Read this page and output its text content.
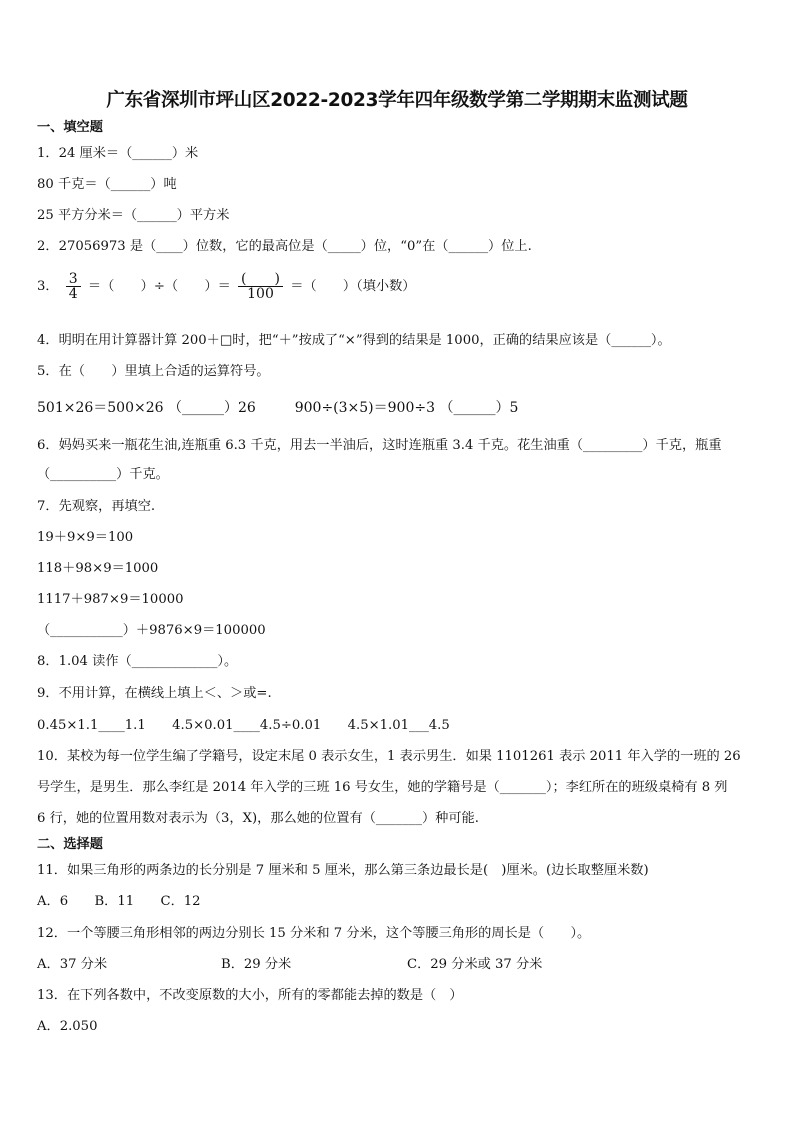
广东省深圳市坪山区2022-2023学年四年级数学第二学期期末监测试题
一、填空题
1．24 厘米＝（______）米
80 千克＝（______）吨
25 平方分米＝（______）平方米
2．27056973 是（____）位数，它的最高位是（_____）位，“0”在（______）位上.
3． $\frac{3}{4}$ ＝（　　）÷（　　）＝ $\frac{( )}{100}$ ＝（　　）（填小数）
4．明明在用计算器计算 200＋□时，把“＋”按成了“×”得到的结果是 1000，正确的结果应该是（______）。
5．在（　　）里填上合适的运算符号。
501×26＝500×26 （______）26	900÷(3×5)＝900÷3 （______）5
6．妈妈买来一瓶花生油,连瓶重 6.3 千克，用去一半油后，这时连瓶重 3.4 千克。花生油重（_________）千克，瓶重
（__________）千克。
7．先观察，再填空.
19＋9×9＝100
118＋98×9＝1000
1117＋987×9＝10000
（___________）＋9876×9＝100000
8．1.04 读作（_____________）。
9．不用计算，在横线上填上＜、＞或=.
0.45×1.1____1.1　　4.5×0.01____4.5÷0.01　　4.5×1.01___4.5
10．某校为每一位学生编了学籍号，设定末尾 0 表示女生，1 表示男生．如果 1101261 表示 2011 年入学的一班的 26
号学生，是男生．那么李红是 2014 年入学的三班 16 号女生，她的学籍号是（_______）；李红所在的班级桌椅有 8 列
6 行，她的位置用数对表示为（3，X)，那么她的位置有（_______）种可能.
二、选择题
11．如果三角形的两条边的长分别是 7 厘米和 5 厘米，那么第三条边最长是(　)厘米。(边长取整厘米数)
A．6　　B．11　　C．12
12．一个等腰三角形相邻的两边分别长 15 分米和 7 分米，这个等腰三角形的周长是（　　）。
A．37 分米	B．29 分米	C．29 分米或 37 分米
13．在下列各数中，不改变原数的大小，所有的零都能去掉的数是（　）
A．2.050
